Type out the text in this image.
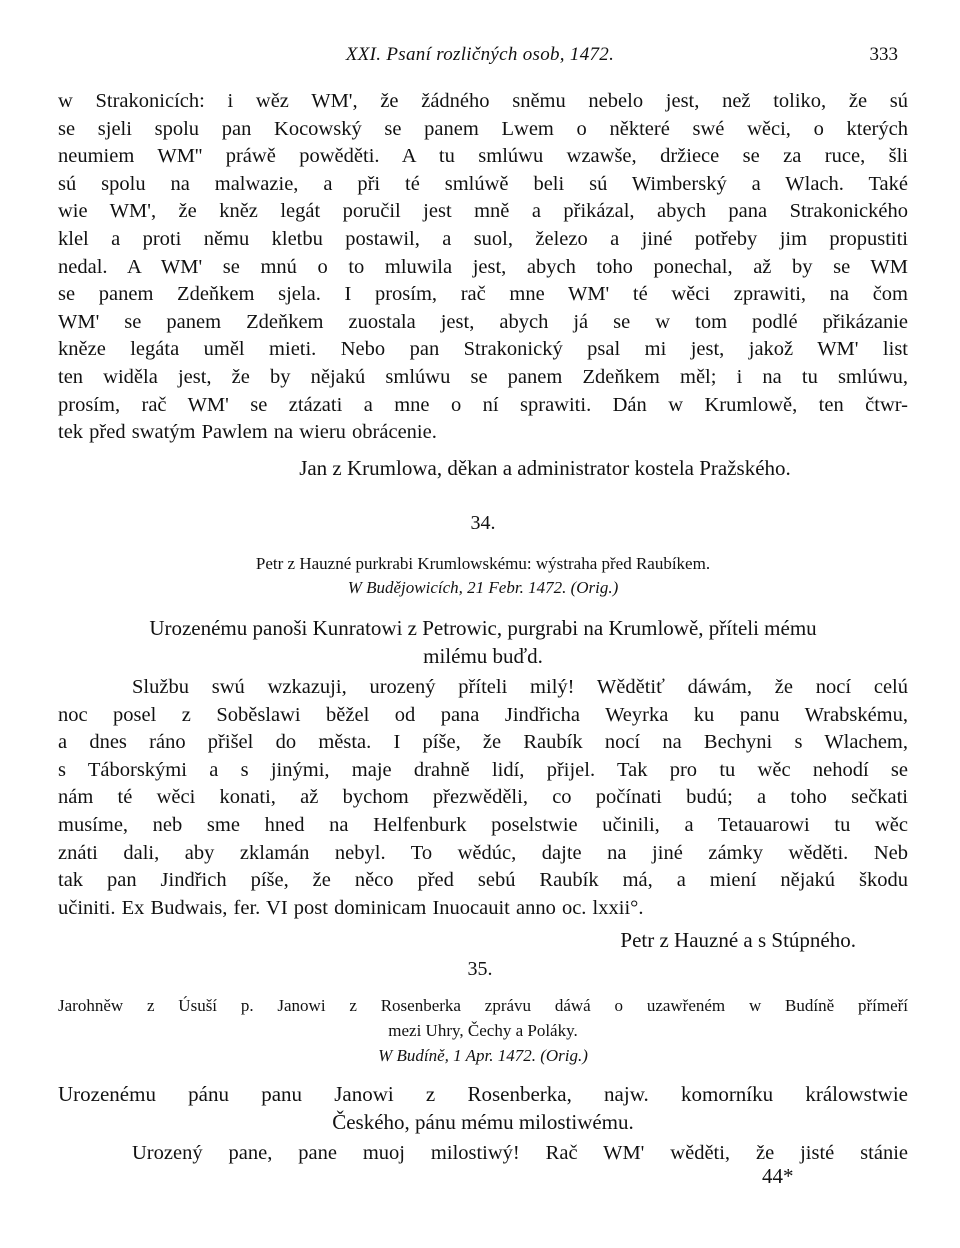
XXI. Psaní rozličných osob, 1472.	333
w Strakonicích: i wěz WM', že žádného sněmu nebelo jest, než toliko, že sú
se sjeli spolu pan Kocowský se panem Lwem o některé swé wěci, o kterých
neumiem WM'' práwě powěděti. A tu smlúwu wzawše, držiece se za ruce, šli
sú spolu na malwazie, a při té smlúwě beli sú Wimberský a Wlach. Také
wie WM', že kněz legát poručil jest mně a přikázal, abych pana Strakonického
klel a proti němu kletbu postawil, a suol, železo a jiné potřeby jim propustiti
nedal. A WM' se mnú o to mluwila jest, abych toho ponechal, až by se WM
se panem Zdeňkem sjela. I prosím, rač mne WM' té wěci zprawiti, na čom
WM' se panem Zdeňkem zuostala jest, abych já se w tom podlé přikázanie
kněze legáta uměl mieti. Nebo pan Strakonický psal mi jest, jakož WM' list
ten widěla jest, že by nějakú smlúwu se panem Zdeňkem měl; i na tu smlúwu,
prosím, rač WM' se ztázati a mne o ní sprawiti. Dán w Krumlowě, ten čtwr-
tek před swatým Pawlem na wieru obrácenie.
Jan z Krumlowa, děkan a administrator kostela Pražského.
34.
Petr z Hauzné purkrabi Krumlowskému: wýstraha před Raubíkem.
W Budějowicích, 21 Febr. 1472. (Orig.)
Urozenému panoši Kunratowi z Petrowic, purgrabi na Krumlowě, příteli mému
milému buďd.
Službu swú wzkazuji, urozený příteli milý! Wědětiť dáwám, že nocí celú
noc posel z Soběslawi běžel od pana Jindřicha Weyrka ku panu Wrabskému,
a dnes ráno přišel do města. I píše, že Raubík nocí na Bechyni s Wlachem,
s Táborskými a s jinými, maje drahně lidí, přijel. Tak pro tu wěc nehodí se
nám té wěci konati, až bychom přezwěděli, co počínati budú; a toho sečkati
musíme, neb sme hned na Helfenburk poselstwie učinili, a Tetauarowi tu wěc
znáti dali, aby zklamán nebyl. To wědúc, dajte na jiné zámky wěděti. Neb
tak pan Jindřich píše, že něco před sebú Raubík má, a miení nějakú škodu
učiniti. Ex Budwais, fer. VI post dominicam Inuocauit anno oc. lxxii°.
Petr z Hauzné a s Stúpného.
35.
Jarohněw z Úsuší p. Janowi z Rosenberka zprávu dáwá o uzawřeném w Budíně přímeří
mezi Uhry, Čechy a Poláky.
W Budíně, 1 Apr. 1472. (Orig.)
Urozenému pánu panu Janowi z Rosenberka, najw. komorníku králowstwie
Českého, pánu mému milostiwému.
Urozený pane, pane muoj milostiwý! Rač WM' wěděti, že jisté stánie
44*
